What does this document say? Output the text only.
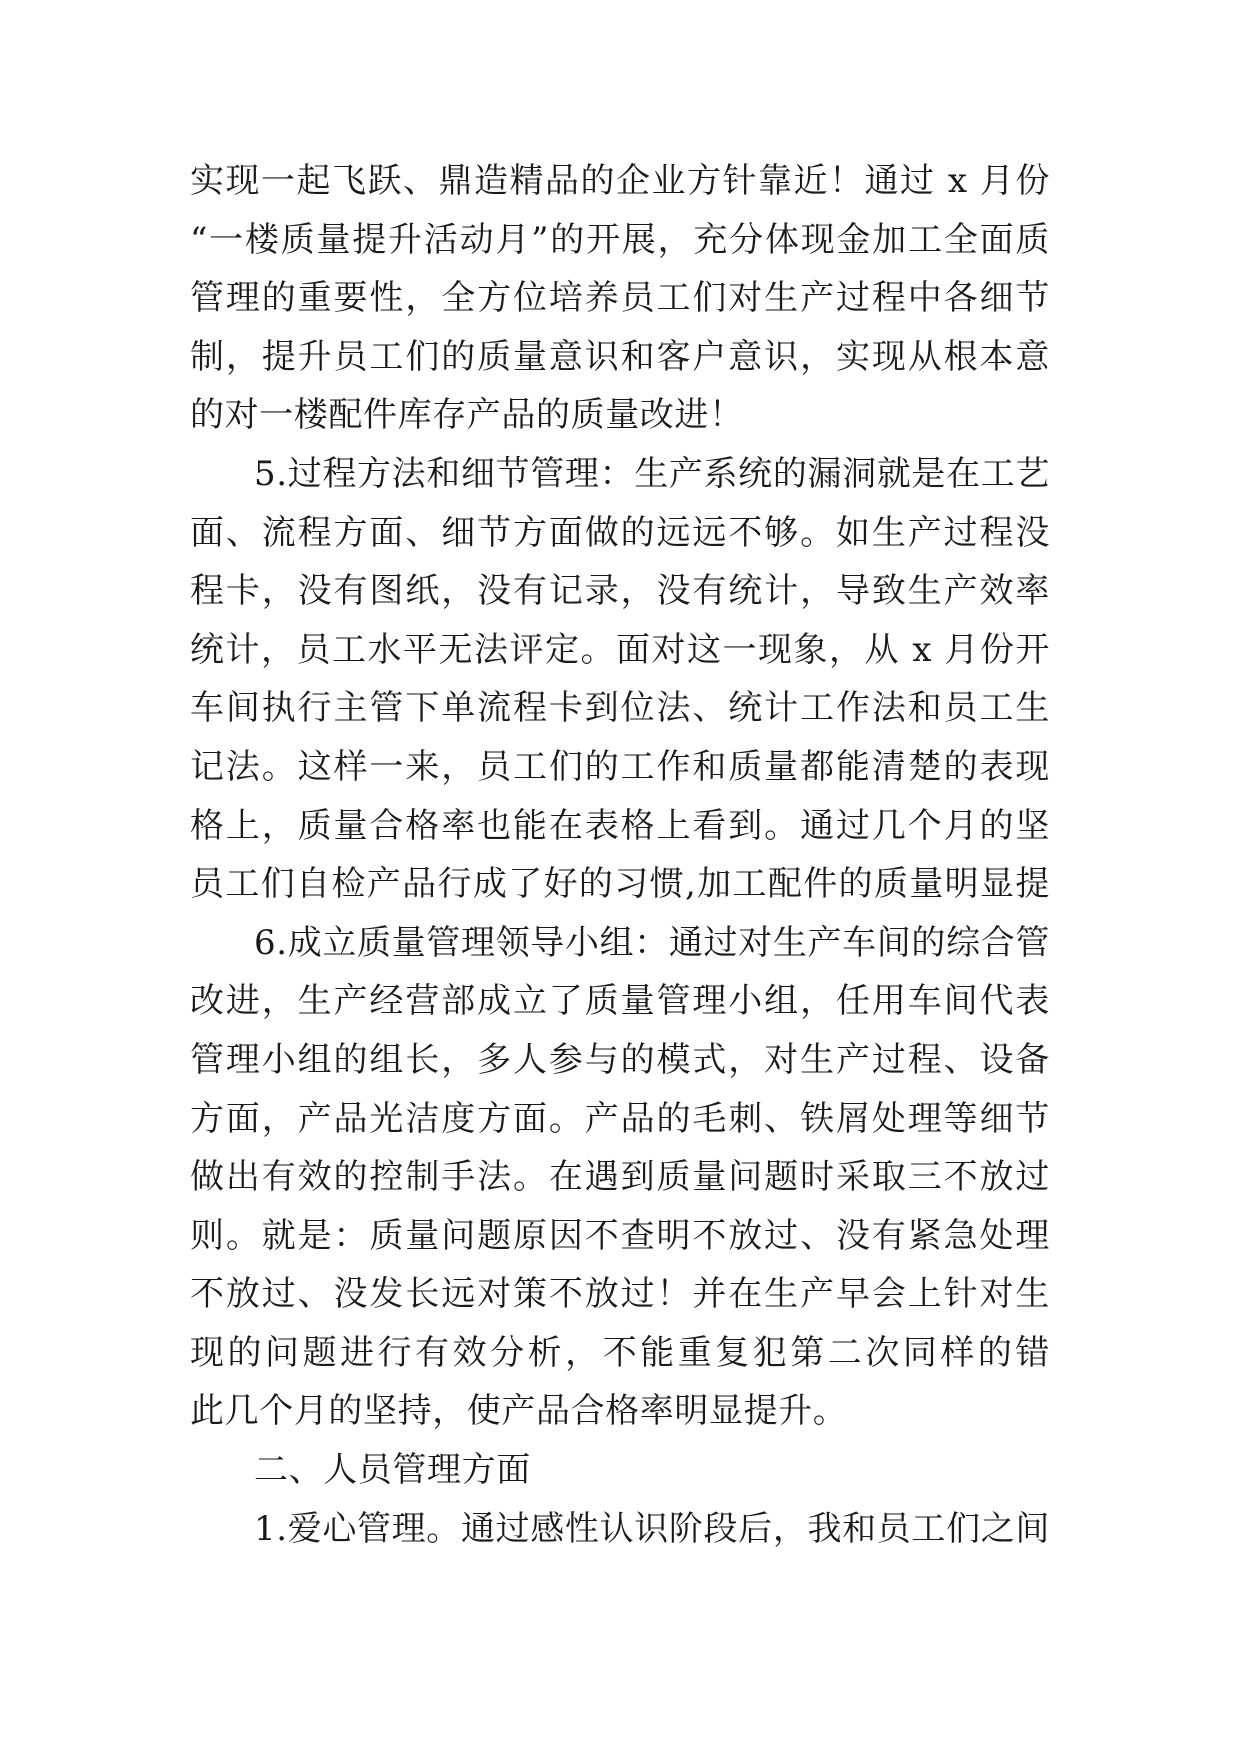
实现一起飞跃、鼎造精品的企业方针靠近！通过 x 月份
“一楼质量提升活动月”的开展，充分体现金加工全面质
管理的重要性，全方位培养员工们对生产过程中各细节
制，提升员工们的质量意识和客户意识，实现从根本意
的对一楼配件库存产品的质量改进！
5.过程方法和细节管理：生产系统的漏洞就是在工艺
面、流程方面、细节方面做的远远不够。如生产过程没
程卡，没有图纸，没有记录，没有统计，导致生产效率
统计，员工水平无法评定。面对这一现象，从 x 月份开
车间执行主管下单流程卡到位法、统计工作法和员工生
记法。这样一来，员工们的工作和质量都能清楚的表现
格上，质量合格率也能在表格上看到。通过几个月的坚
员工们自检产品行成了好的习惯,加工配件的质量明显提
6.成立质量管理领导小组：通过对生产车间的综合管
改进，生产经营部成立了质量管理小组，任用车间代表
管理小组的组长，多人参与的模式，对生产过程、设备
方面，产品光洁度方面。产品的毛刺、铁屑处理等细节
做出有效的控制手法。在遇到质量问题时采取三不放过
则。就是：质量问题原因不查明不放过、没有紧急处理
不放过、没发长远对策不放过！并在生产早会上针对生
现的问题进行有效分析，不能重复犯第二次同样的错
此几个月的坚持，使产品合格率明显提升。
二、人员管理方面
1.爱心管理。通过感性认识阶段后，我和员工们之间
